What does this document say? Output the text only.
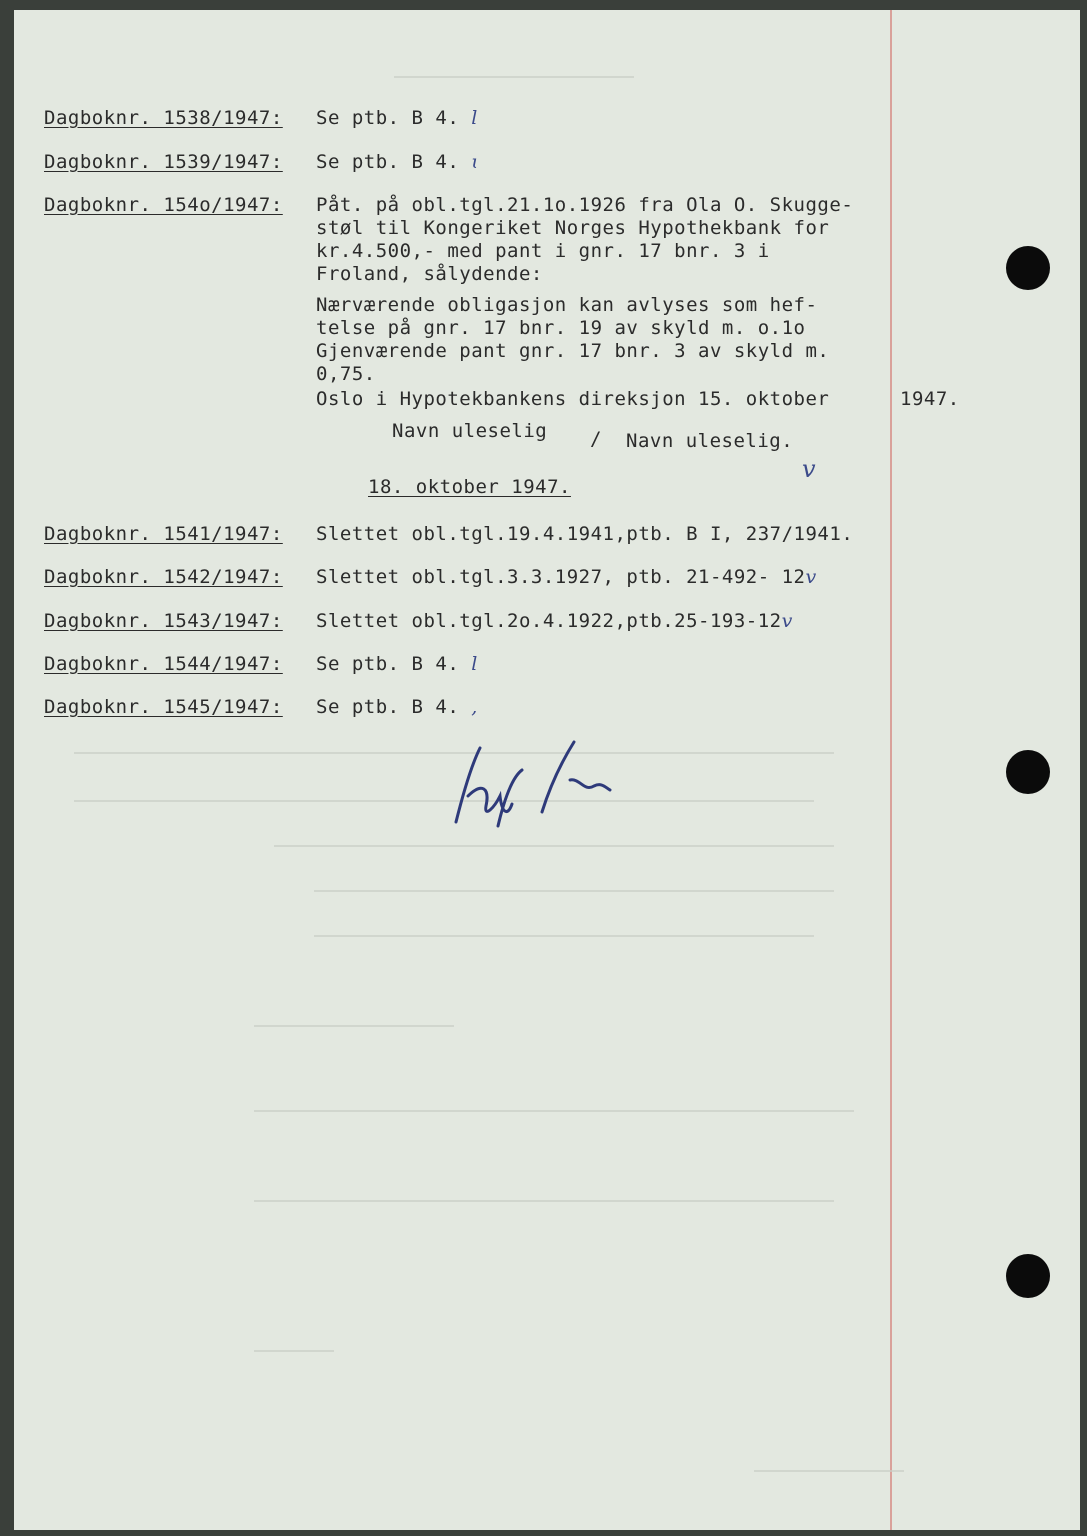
Dagboknr. 1538/1947: Se ptb. B 4. l
Dagboknr. 1539/1947: Se ptb. B 4. ɩ
Dagboknr. 154o/1947: Påt. på obl.tgl.21.1o.1926 fra Ola O. Skugge-
støl til Kongeriket Norges Hypothekbank for
kr.4.500,- med pant i gnr. 17 bnr. 3 i
Froland, sålydende:
Nærværende obligasjon kan avlyses som hef-
telse på gnr. 17 bnr. 19 av skyld m. o.1o
Gjenværende pant gnr. 17 bnr. 3 av skyld m.
0,75.
Oslo i Hypotekbankens direksjon 15. oktober	1947.
Navn uleselig / Navn uleselig.
v
18. oktober 1947.
Dagboknr. 1541/1947: Slettet obl.tgl.19.4.1941,ptb. B I, 237/1941.
Dagboknr. 1542/1947: Slettet obl.tgl.3.3.1927, ptb. 21-492- 12v
Dagboknr. 1543/1947: Slettet obl.tgl.2o.4.1922,ptb.25-193-12v
Dagboknr. 1544/1947: Se ptb. B 4. l
Dagboknr. 1545/1947: Se ptb. B 4. ,
